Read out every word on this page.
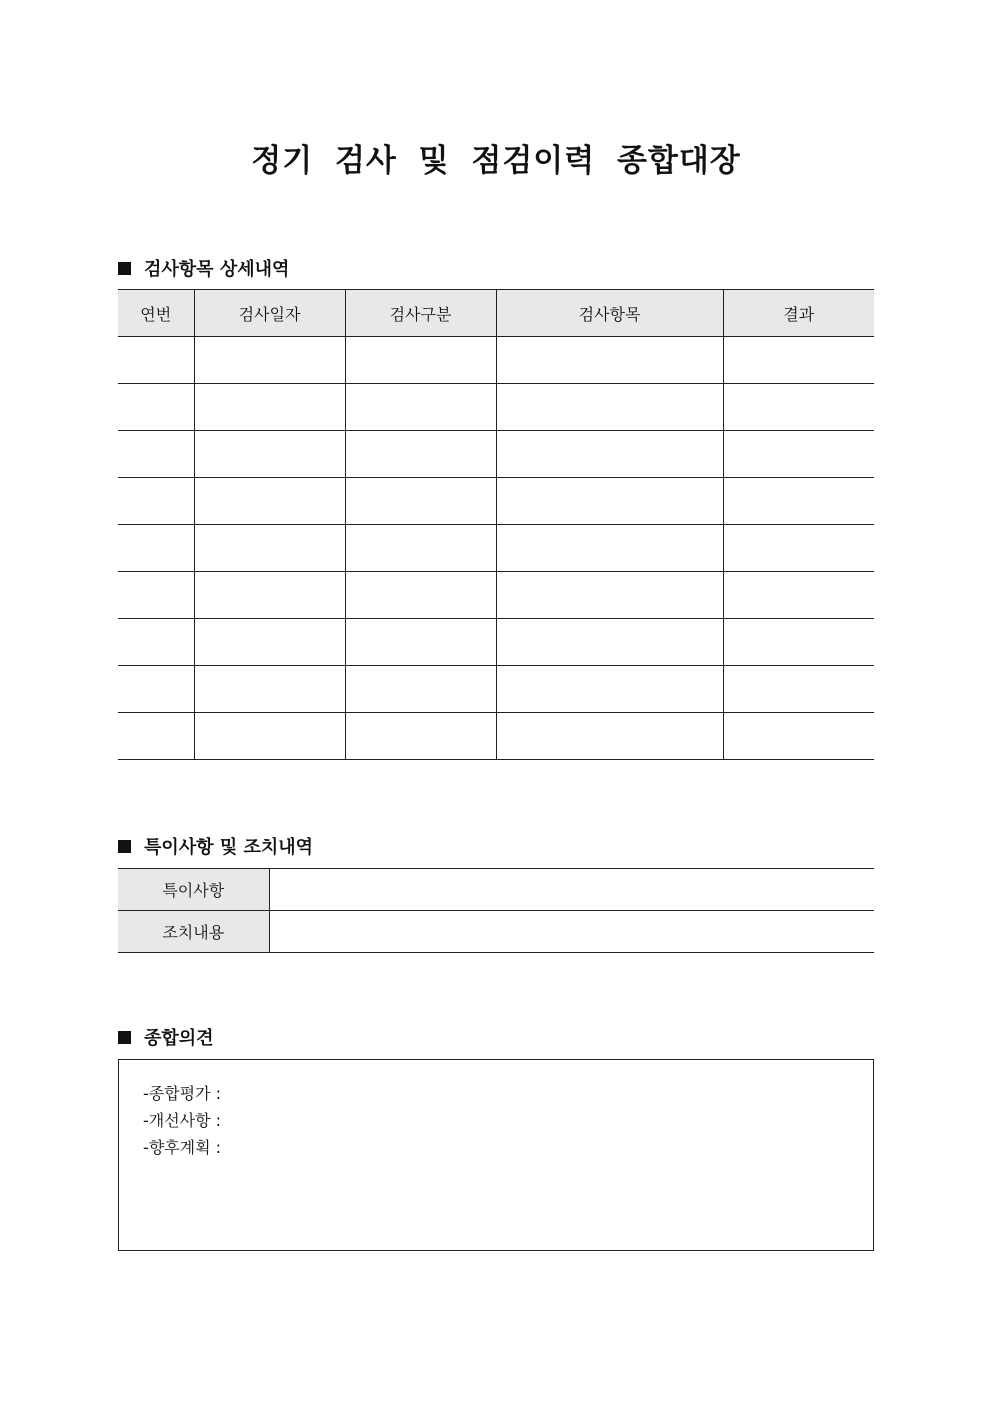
정기 검사 및 점검이력 종합대장
검사항목 상세내역
연번	검사일자	검사구분	검사항목	결과

특이사항 및 조치내역
특이사항	
조치내용	
종합의견
-종합평가 :
-개선사항 :
-향후계획 :
